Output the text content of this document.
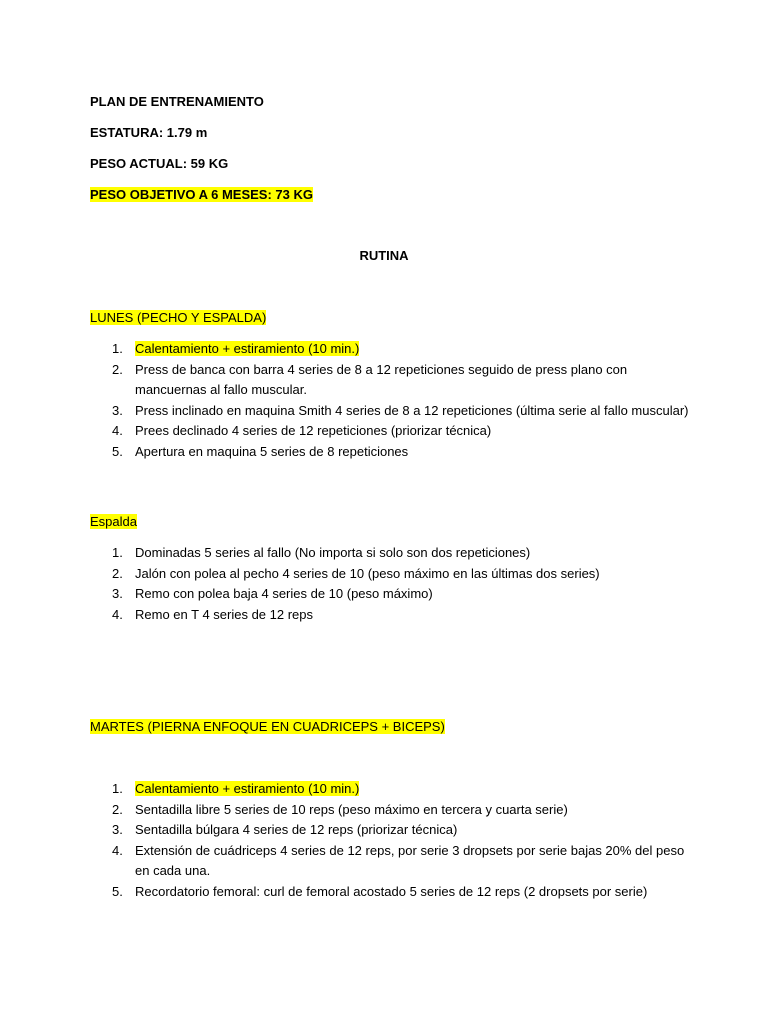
PLAN DE ENTRENAMIENTO
ESTATURA: 1.79 m
PESO ACTUAL: 59 KG
PESO OBJETIVO A 6 MESES: 73 KG
RUTINA
LUNES (PECHO Y ESPALDA)
1. Calentamiento + estiramiento (10 min.)
2. Press de banca con barra 4 series de 8 a 12 repeticiones seguido de press plano con mancuernas al fallo muscular.
3. Press inclinado en maquina Smith 4 series de 8 a 12 repeticiones (última serie al fallo muscular)
4. Prees declinado 4 series de 12 repeticiones (priorizar técnica)
5. Apertura en maquina 5 series de 8 repeticiones
Espalda
1. Dominadas 5 series al fallo (No importa si solo son dos repeticiones)
2. Jalón con polea al pecho 4 series de 10 (peso máximo en las últimas dos series)
3. Remo con polea baja 4 series de 10 (peso máximo)
4. Remo en T 4 series de 12 reps
MARTES (PIERNA ENFOQUE EN CUADRICEPS + BICEPS)
1. Calentamiento + estiramiento (10 min.)
2. Sentadilla libre 5 series de 10 reps (peso máximo en tercera y cuarta serie)
3. Sentadilla búlgara 4 series de 12 reps (priorizar técnica)
4. Extensión de cuádriceps 4 series de 12 reps, por serie 3 dropsets por serie bajas 20% del peso en cada una.
5. Recordatorio femoral: curl de femoral acostado 5 series de 12 reps (2 dropsets por serie)
